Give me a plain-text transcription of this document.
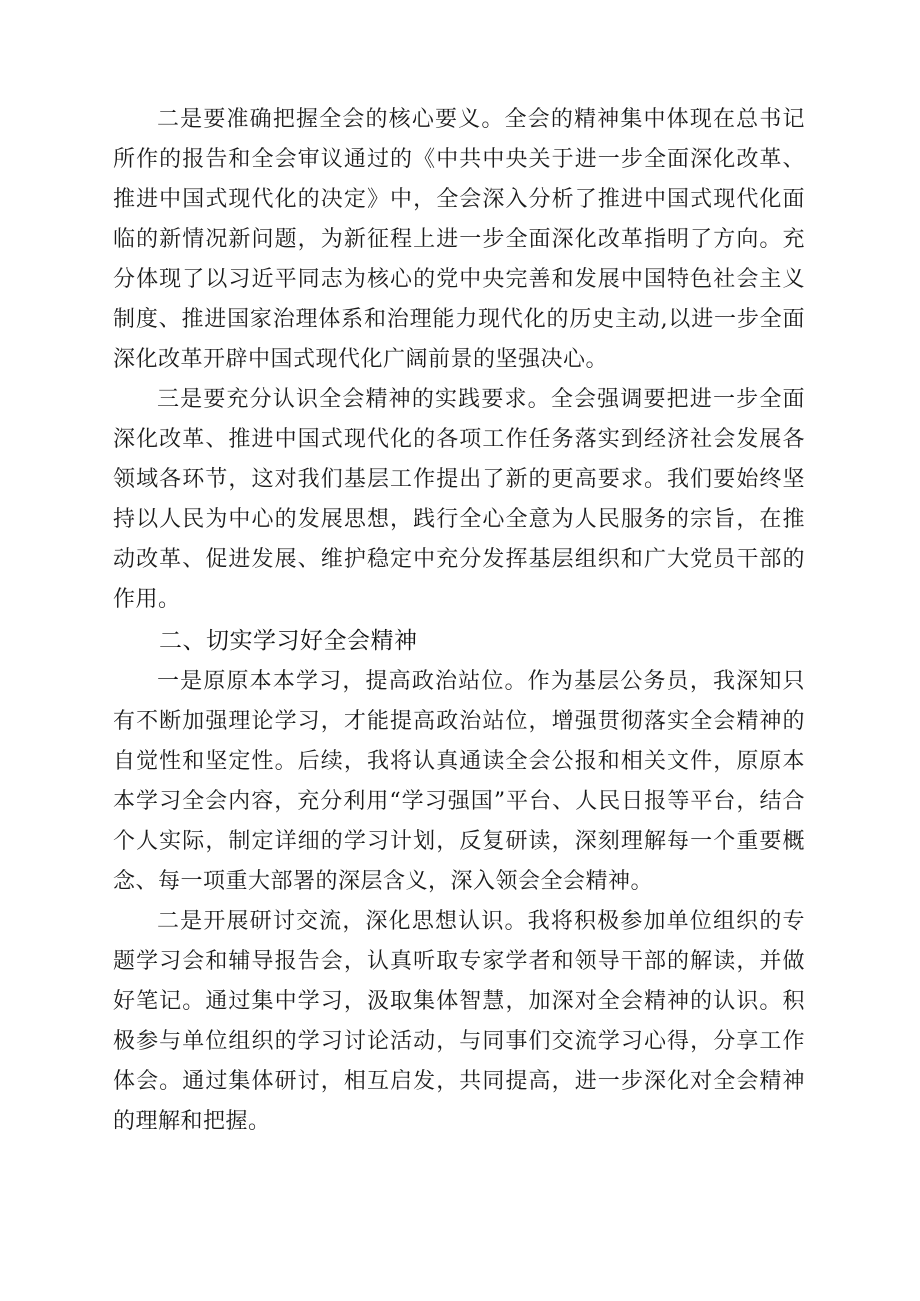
二是要准确把握全会的核心要义。全会的精神集中体现在总书记所作的报告和全会审议通过的《中共中央关于进一步全面深化改革、推进中国式现代化的决定》中，全会深入分析了推进中国式现代化面临的新情况新问题，为新征程上进一步全面深化改革指明了方向。充分体现了以习近平同志为核心的党中央完善和发展中国特色社会主义制度、推进国家治理体系和治理能力现代化的历史主动,以进一步全面深化改革开辟中国式现代化广阔前景的坚强决心。

三是要充分认识全会精神的实践要求。全会强调要把进一步全面深化改革、推进中国式现代化的各项工作任务落实到经济社会发展各领域各环节，这对我们基层工作提出了新的更高要求。我们要始终坚持以人民为中心的发展思想，践行全心全意为人民服务的宗旨，在推动改革、促进发展、维护稳定中充分发挥基层组织和广大党员干部的作用。

二、切实学习好全会精神

一是原原本本学习，提高政治站位。作为基层公务员，我深知只有不断加强理论学习，才能提高政治站位，增强贯彻落实全会精神的自觉性和坚定性。后续，我将认真通读全会公报和相关文件，原原本本学习全会内容，充分利用“学习强国”平台、人民日报等平台，结合个人实际，制定详细的学习计划，反复研读，深刻理解每一个重要概念、每一项重大部署的深层含义，深入领会全会精神。

二是开展研讨交流，深化思想认识。我将积极参加单位组织的专题学习会和辅导报告会，认真听取专家学者和领导干部的解读，并做好笔记。通过集中学习，汲取集体智慧，加深对全会精神的认识。积极参与单位组织的学习讨论活动，与同事们交流学习心得，分享工作体会。通过集体研讨，相互启发，共同提高，进一步深化对全会精神的理解和把握。
